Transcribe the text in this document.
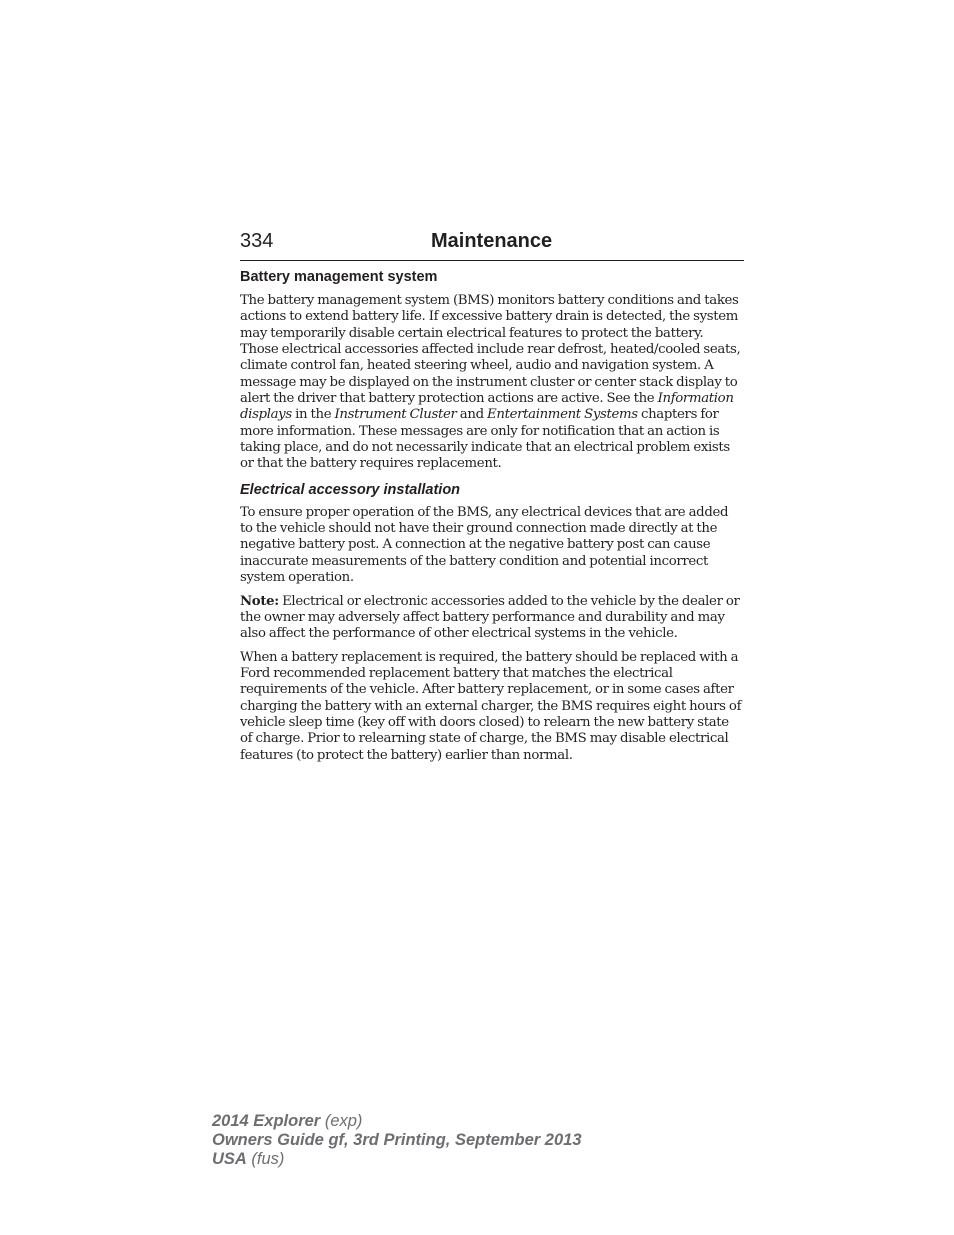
334	Maintenance
Battery management system

The battery management system (BMS) monitors battery conditions and takes actions to extend battery life. If excessive battery drain is detected, the system may temporarily disable certain electrical features to protect the battery. Those electrical accessories affected include rear defrost, heated/cooled seats, climate control fan, heated steering wheel, audio and navigation system. A message may be displayed on the instrument cluster or center stack display to alert the driver that battery protection actions are active. See the Information displays in the Instrument Cluster and Entertainment Systems chapters for more information. These messages are only for notification that an action is taking place, and do not necessarily indicate that an electrical problem exists or that the battery requires replacement.

Electrical accessory installation

To ensure proper operation of the BMS, any electrical devices that are added to the vehicle should not have their ground connection made directly at the negative battery post. A connection at the negative battery post can cause inaccurate measurements of the battery condition and potential incorrect system operation.

Note: Electrical or electronic accessories added to the vehicle by the dealer or the owner may adversely affect battery performance and durability and may also affect the performance of other electrical systems in the vehicle.

When a battery replacement is required, the battery should be replaced with a Ford recommended replacement battery that matches the electrical requirements of the vehicle. After battery replacement, or in some cases after charging the battery with an external charger, the BMS requires eight hours of vehicle sleep time (key off with doors closed) to relearn the new battery state of charge. Prior to relearning state of charge, the BMS may disable electrical features (to protect the battery) earlier than normal.

2014 Explorer (exp)
Owners Guide gf, 3rd Printing, September 2013
USA (fus)
